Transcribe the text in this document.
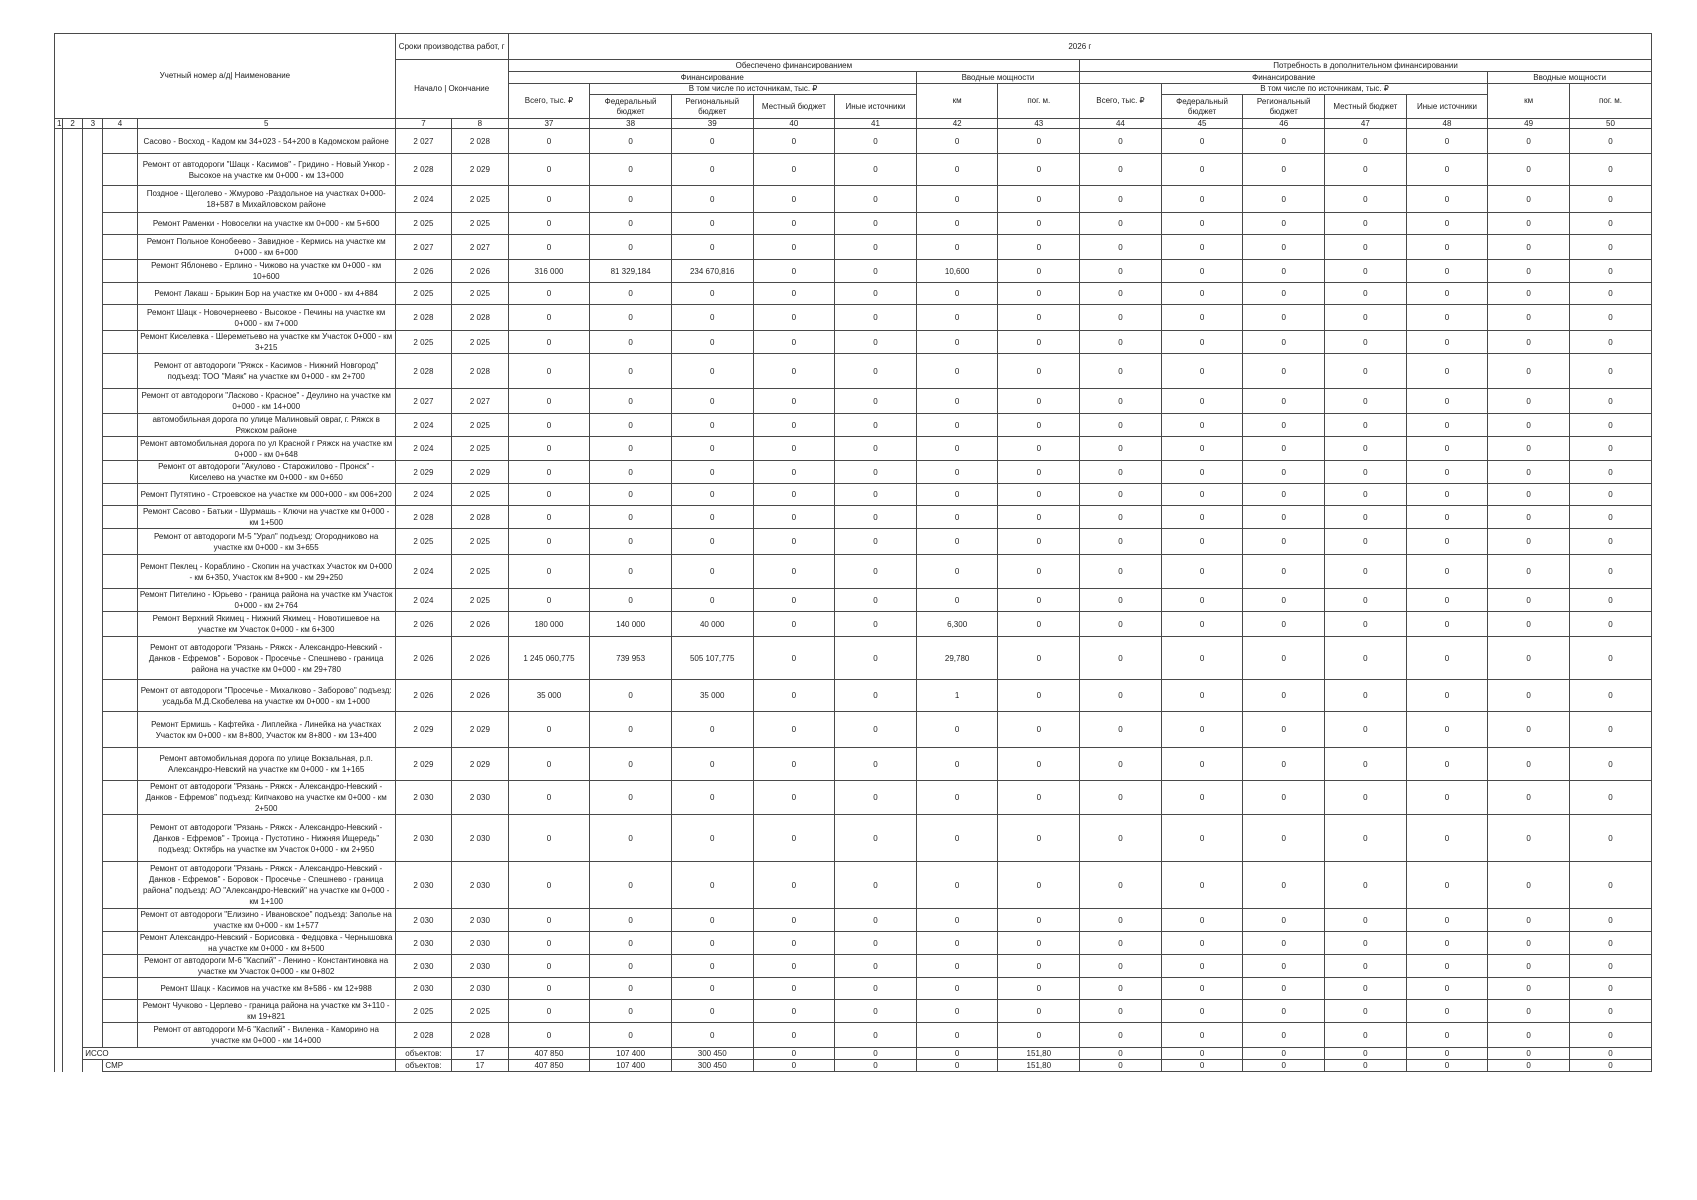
Учетный номер а/д| Наименование					Сроки производства работ, г		2026 г													
					Начало | Окончание		Обеспечено финансированием							Потребность в дополнительном финансировании						
							Финансирование					Вводные мощности		Финансирование					Вводные мощности	
							Всего, тыс. ₽	В том числе по источникам, тыс. ₽				км	пог. м.	Всего, тыс. ₽	В том числе по источникам, тыс. ₽				км	пог. м.
								Федеральный бюджет	Региональный бюджет	Местный бюджет	Иные источники				Федеральный бюджет	Региональный бюджет	Местный бюджет	Иные источники		

1	2	3	4	5	7	8	37	38	39	40	41	42	43	44	45	46	47	48	49	50
				Сасово - Восход - Кадом км 34+023 - 54+200 в Кадомском районе	2 027	2 028	0	0	0	0	0	0	0	0	0	0	0	0	0	0
				Ремонт от автодороги "Шацк - Касимов" - Гридино - Новый Ункор - Высокое на участке км 0+000 - км 13+000	2 028	2 029	0	0	0	0	0	0	0	0	0	0	0	0	0	0
				Поздное - Щеголево - Жмурово -Раздольное на участках 0+000-18+587 в Михайловском районе	2 024	2 025	0	0	0	0	0	0	0	0	0	0	0	0	0	0
				Ремонт Раменки - Новоселки на участке км 0+000 - км 5+600	2 025	2 025	0	0	0	0	0	0	0	0	0	0	0	0	0	0
				Ремонт Польное Конобеево - Завидное - Кермись на участке км 0+000 - км 6+000	2 027	2 027	0	0	0	0	0	0	0	0	0	0	0	0	0	0
				Ремонт Яблонево - Ерлино - Чижово на участке км 0+000 - км 10+600	2 026	2 026	316 000	81 329,184	234 670,816	0	0	10,600	0	0	0	0	0	0	0	0
				Ремонт Лакаш - Брыкин Бор на участке км 0+000 - км 4+884	2 025	2 025	0	0	0	0	0	0	0	0	0	0	0	0	0	0
				Ремонт Шацк - Новочернеево - Высокое - Печины на участке км 0+000 - км 7+000	2 028	2 028	0	0	0	0	0	0	0	0	0	0	0	0	0	0
				Ремонт Киселевка - Шереметьево на участке км Участок 0+000 - км 3+215	2 025	2 025	0	0	0	0	0	0	0	0	0	0	0	0	0	0
				Ремонт от автодороги "Ряжск - Касимов - Нижний Новгород" подъезд: ТОО "Маяк" на участке км 0+000 - км 2+700	2 028	2 028	0	0	0	0	0	0	0	0	0	0	0	0	0	0
				Ремонт от автодороги "Ласково - Красное" - Деулино на участке км 0+000 - км 14+000	2 027	2 027	0	0	0	0	0	0	0	0	0	0	0	0	0	0
				автомобильная дорога по улице Малиновый овраг, г. Ряжск в Ряжском районе	2 024	2 025	0	0	0	0	0	0	0	0	0	0	0	0	0	0
				Ремонт автомобильная дорога по ул Красной г Ряжск на участке км 0+000 - км 0+648	2 024	2 025	0	0	0	0	0	0	0	0	0	0	0	0	0	0
				Ремонт от автодороги "Акулово - Старожилово - Пронск" - Киселево на участке км 0+000 - км 0+650	2 029	2 029	0	0	0	0	0	0	0	0	0	0	0	0	0	0
				Ремонт Путятино - Строевское на участке км 000+000 - км 006+200	2 024	2 025	0	0	0	0	0	0	0	0	0	0	0	0	0	0
				Ремонт Сасово - Батьки - Шурмашь - Ключи на участке км 0+000 - км 1+500	2 028	2 028	0	0	0	0	0	0	0	0	0	0	0	0	0	0
				Ремонт от автодороги М-5 "Урал" подъезд: Огородниково на участке км 0+000 - км 3+655	2 025	2 025	0	0	0	0	0	0	0	0	0	0	0	0	0	0
				Ремонт Пеклец - Кораблино - Скопин на участках Участок км 0+000 - км 6+350, Участок км 8+900 - км 29+250	2 024	2 025	0	0	0	0	0	0	0	0	0	0	0	0	0	0
				Ремонт Пителино - Юрьево - граница района на участке км Участок 0+000 - км 2+764	2 024	2 025	0	0	0	0	0	0	0	0	0	0	0	0	0	0
				Ремонт Верхний Якимец - Нижний Якимец - Новотишевое на участке км Участок 0+000 - км 6+300	2 026	2 026	180 000	140 000	40 000	0	0	6,300	0	0	0	0	0	0	0	0
				Ремонт от автодороги "Рязань - Ряжск - Александро-Невский - Данков - Ефремов" - Боровок - Просечье - Спешнево - граница района на участке км 0+000 - км 29+780	2 026	2 026	1 245 060,775	739 953	505 107,775	0	0	29,780	0	0	0	0	0	0	0	0
				Ремонт от автодороги "Просечье - Михалково - Заборово" подъезд: усадьба М.Д.Скобелева на участке км 0+000 - км 1+000	2 026	2 026	35 000	0	35 000	0	0	1	0	0	0	0	0	0	0	0
				Ремонт Ермишь - Кафтейка - Липлейка - Линейка на участках Участок км 0+000 - км 8+800, Участок км 8+800 - км 13+400	2 029	2 029	0	0	0	0	0	0	0	0	0	0	0	0	0	0
				Ремонт автомобильная дорога по улице Вокзальная, р.п. Александро-Невский на участке км 0+000 - км 1+165	2 029	2 029	0	0	0	0	0	0	0	0	0	0	0	0	0	0
				Ремонт от автодороги "Рязань - Ряжск - Александро-Невский - Данков - Ефремов" подъезд: Кипчаково на участке км 0+000 - км 2+500	2 030	2 030	0	0	0	0	0	0	0	0	0	0	0	0	0	0
				Ремонт от автодороги "Рязань - Ряжск - Александро-Невский - Данков - Ефремов" - Троица - Пустотино - Нижняя Ищередь" подъезд: Октябрь на участке км Участок 0+000 - км 2+950	2 030	2 030	0	0	0	0	0	0	0	0	0	0	0	0	0	0
				Ремонт от автодороги "Рязань - Ряжск - Александро-Невский - Данков - Ефремов" - Боровок - Просечье - Спешнево - граница района" подъезд: АО "Александро-Невский" на участке км 0+000 - км 1+100	2 030	2 030	0	0	0	0	0	0	0	0	0	0	0	0	0	0
				Ремонт от автодороги "Елизино - Ивановское" подъезд: Заполье на участке км 0+000 - км 1+577	2 030	2 030	0	0	0	0	0	0	0	0	0	0	0	0	0	0
				Ремонт Александро-Невский - Борисовка - Федцовка - Чернышовка на участке км 0+000 - км 8+500	2 030	2 030	0	0	0	0	0	0	0	0	0	0	0	0	0	0
				Ремонт от автодороги М-6 "Каспий" - Ленино - Константиновка на участке км Участок 0+000 - км 0+802	2 030	2 030	0	0	0	0	0	0	0	0	0	0	0	0	0	0
				Ремонт Шацк - Касимов на участке км 8+586 - км 12+988	2 030	2 030	0	0	0	0	0	0	0	0	0	0	0	0	0	0
				Ремонт Чучково - Церлево - граница района на участке км 3+110 - км 19+821	2 025	2 025	0	0	0	0	0	0	0	0	0	0	0	0	0	0
				Ремонт от автодороги М-6 "Каспий" - Виленка - Каморино на участке км 0+000 - км 14+000	2 028	2 028	0	0	0	0	0	0	0	0	0	0	0	0	0	0
		ИССО			объектов:	17	407 850	107 400	300 450	0	0	0	151,80	0	0	0	0	0	0	0
			СМР		объектов:	17	407 850	107 400	300 450	0	0	0	151,80	0	0	0	0	0	0	0
